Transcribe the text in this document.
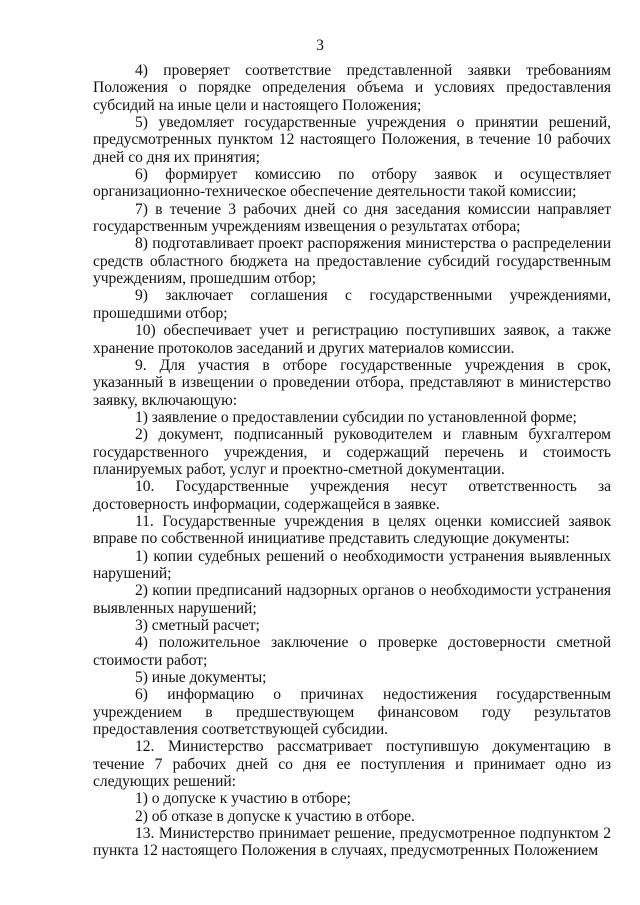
3

4) проверяет соответствие представленной заявки требованиям Положения о порядке определения объема и условиях предоставления субсидий на иные цели и настоящего Положения;

5) уведомляет государственные учреждения о принятии решений, предусмотренных пунктом 12 настоящего Положения, в течение 10 рабочих дней со дня их принятия;

6) формирует комиссию по отбору заявок и осуществляет организационно-техническое обеспечение деятельности такой комиссии;

7) в течение 3 рабочих дней со дня заседания комиссии направляет государственным учреждениям извещения о результатах отбора;

8) подготавливает проект распоряжения министерства о распределении средств областного бюджета на предоставление субсидий государственным учреждениям, прошедшим отбор;

9) заключает соглашения с государственными учреждениями, прошедшими отбор;

10) обеспечивает учет и регистрацию поступивших заявок, а также хранение протоколов заседаний и других материалов комиссии.

9. Для участия в отборе государственные учреждения в срок, указанный в извещении о проведении отбора, представляют в министерство заявку, включающую:

1) заявление о предоставлении субсидии по установленной форме;

2) документ, подписанный руководителем и главным бухгалтером государственного учреждения, и содержащий перечень и стоимость планируемых работ, услуг и проектно-сметной документации.

10. Государственные учреждения несут ответственность за достоверность информации, содержащейся в заявке.

11. Государственные учреждения в целях оценки комиссией заявок вправе по собственной инициативе представить следующие документы:

1) копии судебных решений о необходимости устранения выявленных нарушений;

2) копии предписаний надзорных органов о необходимости устранения выявленных нарушений;

3) сметный расчет;

4) положительное заключение о проверке достоверности сметной стоимости работ;

5) иные документы;

6) информацию о причинах недостижения государственным учреждением в предшествующем финансовом году результатов предоставления соответствующей субсидии.

12. Министерство рассматривает поступившую документацию в течение 7 рабочих дней со дня ее поступления и принимает одно из следующих решений:

1) о допуске к участию в отборе;

2) об отказе в допуске к участию в отборе.

13. Министерство принимает решение, предусмотренное подпунктом 2 пункта 12 настоящего Положения в случаях, предусмотренных Положением
